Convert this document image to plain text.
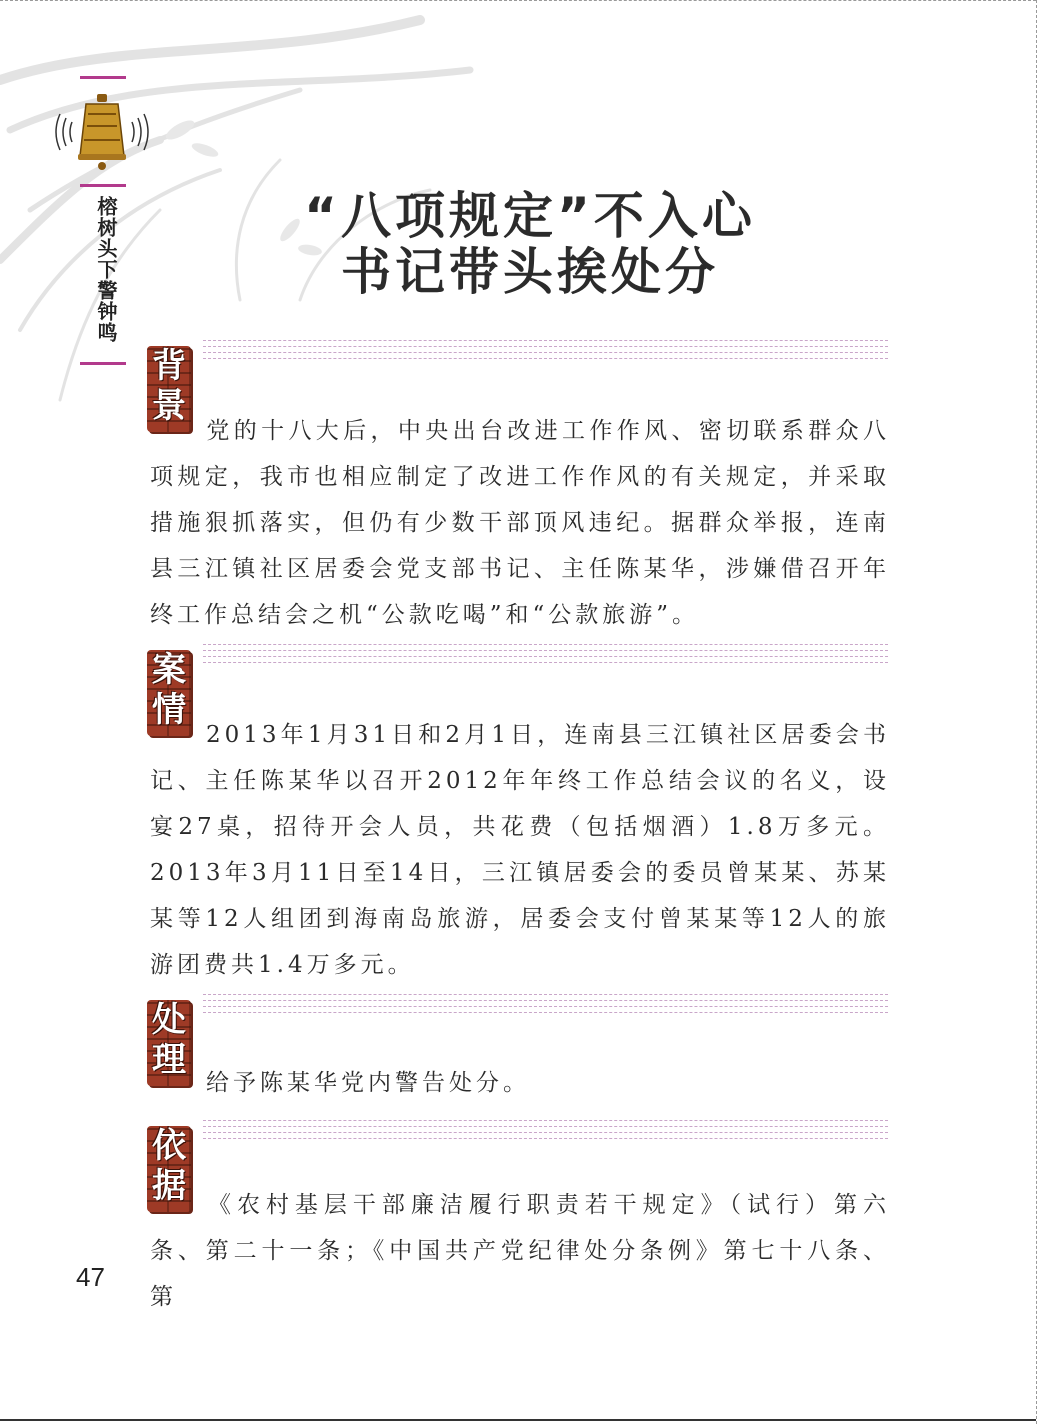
榕树头下警钟鸣	“八项规定”不入心
书记带头挨处分
背
景
党的十八大后，中央出台改进工作作风、密切联系群众八项规定，我市也相应制定了改进工作作风的有关规定，并采取措施狠抓落实，但仍有少数干部顶风违纪。据群众举报，连南县三江镇社区居委会党支部书记、主任陈某华，涉嫌借召开年终工作总结会之机“公款吃喝”和“公款旅游”。
案
情
2013年1月31日和2月1日，连南县三江镇社区居委会书记、主任陈某华以召开2012年年终工作总结会议的名义，设宴27桌，招待开会人员，共花费（包括烟酒）1.8万多元。2013年3月11日至14日，三江镇居委会的委员曾某某、苏某某等12人组团到海南岛旅游，居委会支付曾某某等12人的旅游团费共1.4万多元。
处
理
给予陈某华党内警告处分。
依
据 《农村基层干部廉洁履行职责若干规定》（试行）第六条、第二十一条；《中国共产党纪律处分条例》第七十八条、第
47
